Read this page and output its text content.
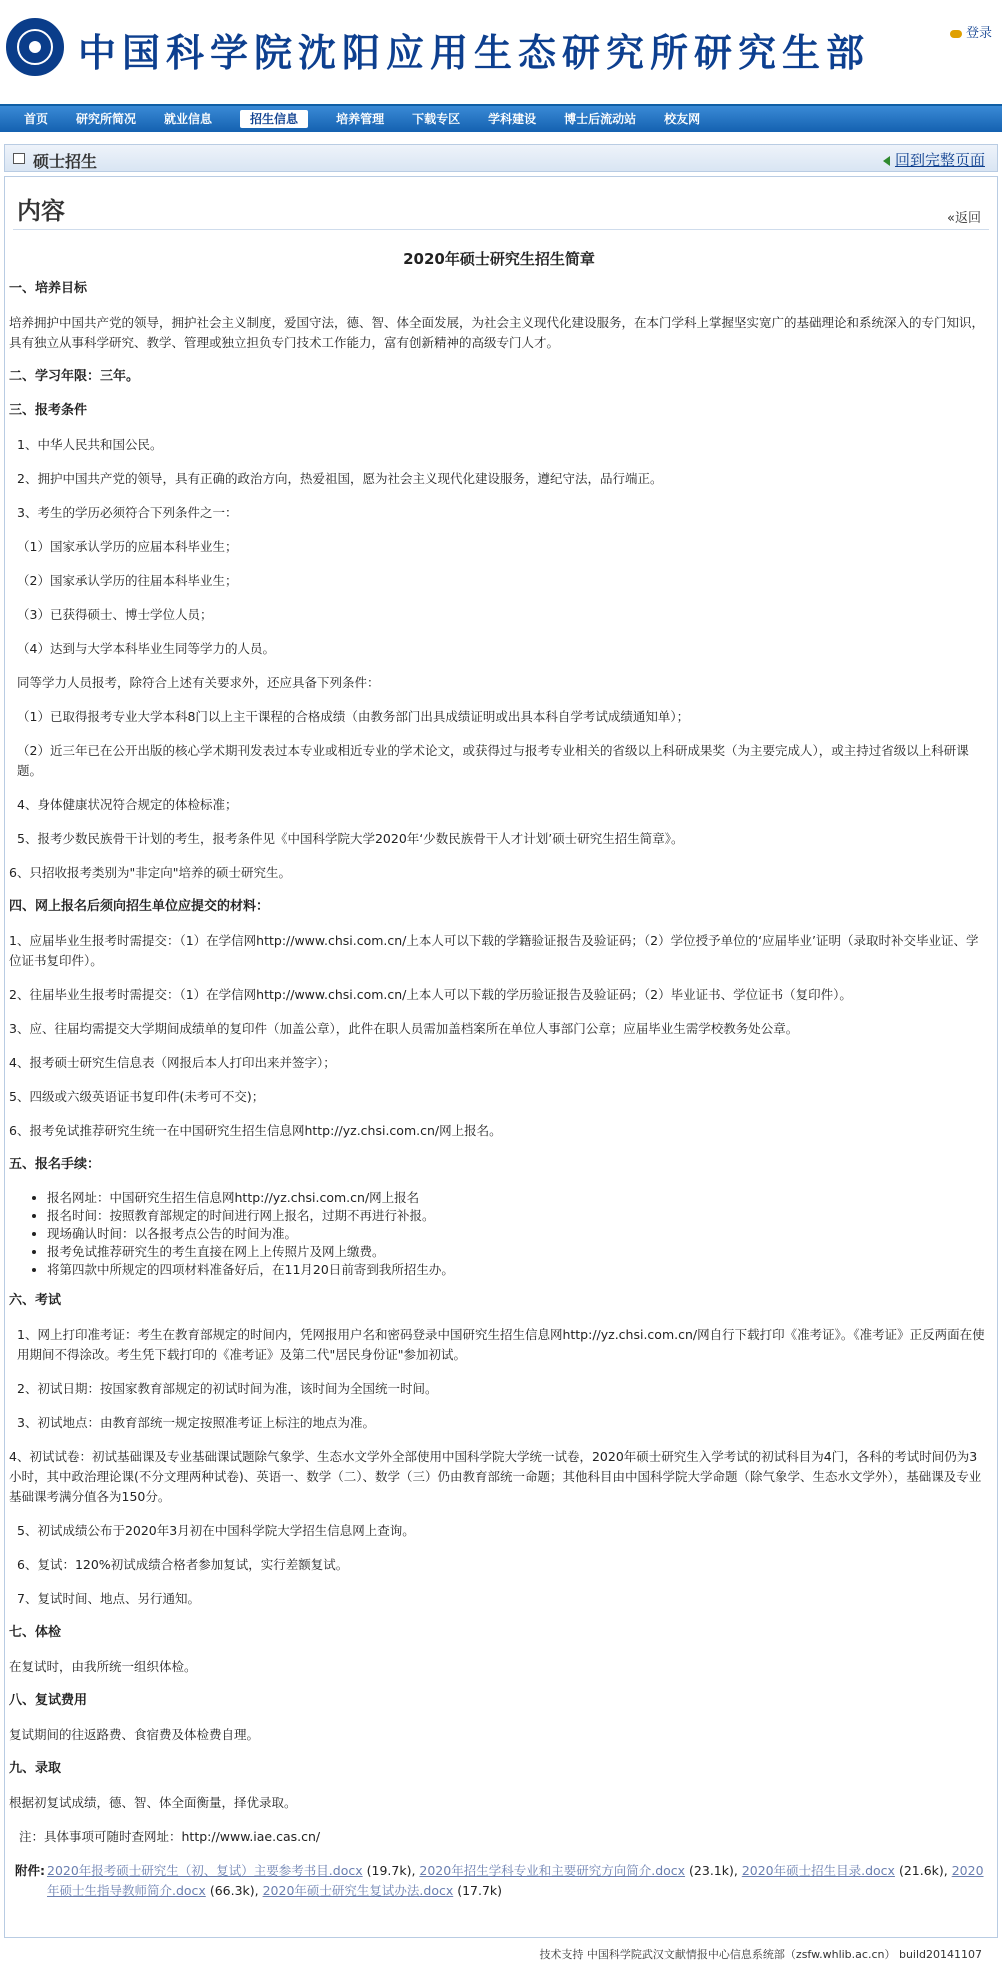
中国科学院沈阳应用生态研究所研究生部	登录
首页	研究所简况	就业信息	招生信息	培养管理	下载专区	学科建设	博士后流动站	校友网
硕士招生	回到完整页面
内容	«返回
2020年硕士研究生招生简章
一、培养目标

培养拥护中国共产党的领导，拥护社会主义制度，爱国守法，德、智、体全面发展，为社会主义现代化建设服务，在本门学科上掌握坚实宽广的基础理论和系统深入的专门知识，具有独立从事科学研究、教学、管理或独立担负专门技术工作能力，富有创新精神的高级专门人才。

二、学习年限：三年。
三、报考条件

1、中华人民共和国公民。

2、拥护中国共产党的领导，具有正确的政治方向，热爱祖国，愿为社会主义现代化建设服务，遵纪守法，品行端正。

3、考生的学历必须符合下列条件之一：

（1）国家承认学历的应届本科毕业生；

（2）国家承认学历的往届本科毕业生；

（3）已获得硕士、博士学位人员；

（4）达到与大学本科毕业生同等学力的人员。

同等学力人员报考，除符合上述有关要求外，还应具备下列条件：

（1）已取得报考专业大学本科8门以上主干课程的合格成绩（由教务部门出具成绩证明或出具本科自学考试成绩通知单）；

（2）近三年已在公开出版的核心学术期刊发表过本专业或相近专业的学术论文，或获得过与报考专业相关的省级以上科研成果奖（为主要完成人），或主持过省级以上科研课题。

4、身体健康状况符合规定的体检标准；

5、报考少数民族骨干计划的考生，报考条件见《中国科学院大学2020年‘少数民族骨干人才计划’硕士研究生招生简章》。

6、只招收报考类别为"非定向"培养的硕士研究生。

四、网上报名后须向招生单位应提交的材料：

1、应届毕业生报考时需提交：（1）在学信网http://www.chsi.com.cn/上本人可以下载的学籍验证报告及验证码；（2）学位授予单位的‘应届毕业’证明（录取时补交毕业证、学位证书复印件）。

2、往届毕业生报考时需提交：（1）在学信网http://www.chsi.com.cn/上本人可以下载的学历验证报告及验证码；（2）毕业证书、学位证书（复印件）。

3、应、往届均需提交大学期间成绩单的复印件（加盖公章），此件在职人员需加盖档案所在单位人事部门公章；应届毕业生需学校教务处公章。

4、报考硕士研究生信息表（网报后本人打印出来并签字）；

5、四级或六级英语证书复印件(未考可不交)；

6、报考免试推荐研究生统一在中国研究生招生信息网http://yz.chsi.com.cn/网上报名。

五、报名手续：
• 报名网址：中国研究生招生信息网http://yz.chsi.com.cn/网上报名
• 报名时间：按照教育部规定的时间进行网上报名，过期不再进行补报。
• 现场确认时间：以各报考点公告的时间为准。
• 报考免试推荐研究生的考生直接在网上上传照片及网上缴费。
• 将第四款中所规定的四项材料准备好后，在11月20日前寄到我所招生办。
六、考试

1、网上打印准考证：考生在教育部规定的时间内，凭网报用户名和密码登录中国研究生招生信息网http://yz.chsi.com.cn/网自行下载打印《准考证》。《准考证》正反两面在使用期间不得涂改。考生凭下载打印的《准考证》及第二代"居民身份证"参加初试。

2、初试日期：按国家教育部规定的初试时间为准，该时间为全国统一时间。

3、初试地点：由教育部统一规定按照准考证上标注的地点为准。

4、初试试卷：初试基础课及专业基础课试题除气象学、生态水文学外全部使用中国科学院大学统一试卷，2020年硕士研究生入学考试的初试科目为4门，各科的考试时间仍为3小时，其中政治理论课(不分文理两种试卷)、英语一、数学（二）、数学（三）仍由教育部统一命题；其他科目由中国科学院大学命题（除气象学、生态水文学外），基础课及专业基础课考满分值各为150分。

5、初试成绩公布于2020年3月初在中国科学院大学招生信息网上查询。

6、复试：120%初试成绩合格者参加复试，实行差额复试。

7、复试时间、地点、另行通知。

七、体检

在复试时，由我所统一组织体检。

八、复试费用

复试期间的往返路费、食宿费及体检费自理。

九、录取

根据初复试成绩，德、智、体全面衡量，择优录取。

注：具体事项可随时查网址：http://www.iae.cas.cn/

附件: 2020年报考硕士研究生（初、复试）主要参考书目.docx (19.7k), 2020年招生学科专业和主要研究方向简介.docx (23.1k), 2020年硕士招生目录.docx (21.6k), 2020年硕士生指导教师简介.docx (66.3k), 2020年硕士研究生复试办法.docx (17.7k)
技术支持 中国科学院武汉文献情报中心信息系统部（zsfw.whlib.ac.cn） build20141107
